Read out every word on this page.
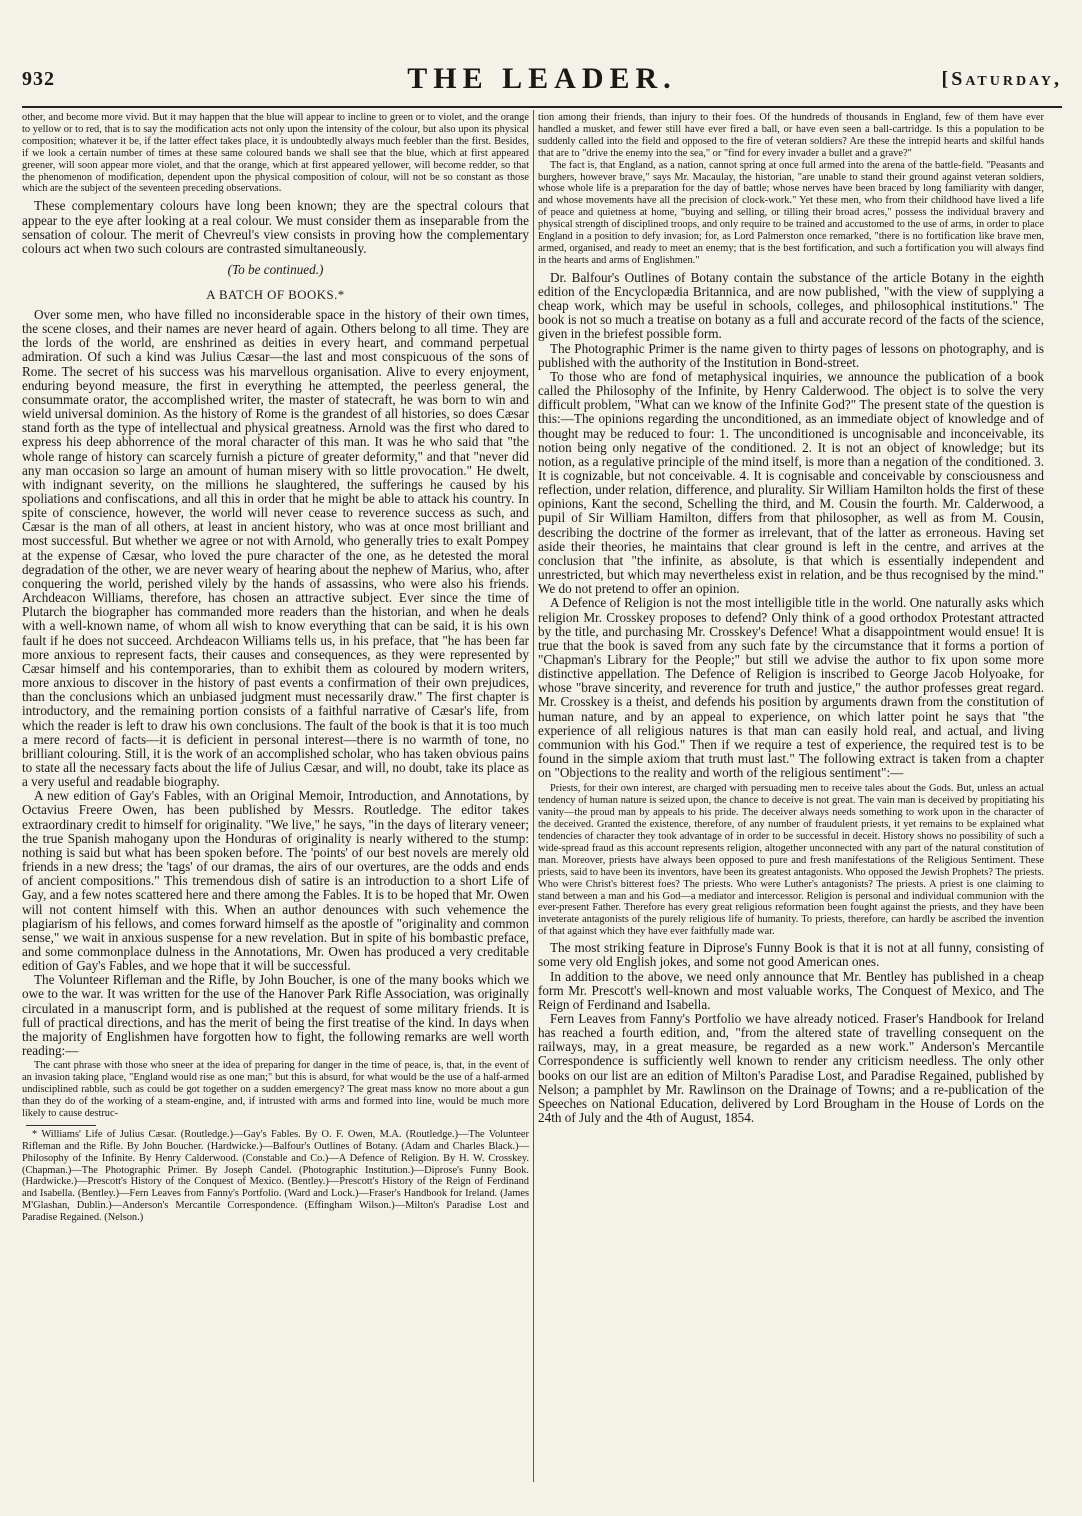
932	THE LEADER.	[Saturday,

other, and become more vivid. But it may happen that the blue will appear to incline to green or to violet, and the orange to yellow or to red, that is to say the modification acts not only upon the intensity of the colour, but also upon its physical composition; whatever it be, if the latter effect takes place, it is undoubtedly always much feebler than the first. Besides, if we look a certain number of times at these same coloured bands we shall see that the blue, which at first appeared greener, will soon appear more violet, and that the orange, which at first appeared yellower, will become redder, so that the phenomenon of modification, dependent upon the physical composition of colour, will not be so constant as those which are the subject of the seventeen preceding observations.

These complementary colours have long been known; they are the spectral colours that appear to the eye after looking at a real colour. We must consider them as inseparable from the sensation of colour. The merit of Chevreul's view consists in proving how the complementary colours act when two such colours are contrasted simultaneously.

(To be continued.)

A BATCH OF BOOKS.*

Over some men, who have filled no inconsiderable space in the history of their own times, the scene closes, and their names are never heard of again. Others belong to all time. They are the lords of the world, are enshrined as deities in every heart, and command perpetual admiration. Of such a kind was Julius Cæsar—the last and most conspicuous of the sons of Rome. The secret of his success was his marvellous organisation. Alive to every enjoyment, enduring beyond measure, the first in everything he attempted, the peerless general, the consummate orator, the accomplished writer, the master of statecraft, he was born to win and wield universal dominion. As the history of Rome is the grandest of all histories, so does Cæsar stand forth as the type of intellectual and physical greatness. Arnold was the first who dared to express his deep abhorrence of the moral character of this man. It was he who said that "the whole range of history can scarcely furnish a picture of greater deformity," and that "never did any man occasion so large an amount of human misery with so little provocation." He dwelt, with indignant severity, on the millions he slaughtered, the sufferings he caused by his spoliations and confiscations, and all this in order that he might be able to attack his country. In spite of conscience, however, the world will never cease to reverence success as such, and Cæsar is the man of all others, at least in ancient history, who was at once most brilliant and most successful. But whether we agree or not with Arnold, who generally tries to exalt Pompey at the expense of Cæsar, who loved the pure character of the one, as he detested the moral degradation of the other, we are never weary of hearing about the nephew of Marius, who, after conquering the world, perished vilely by the hands of assassins, who were also his friends. Archdeacon Williams, therefore, has chosen an attractive subject. Ever since the time of Plutarch the biographer has commanded more readers than the historian, and when he deals with a well-known name, of whom all wish to know everything that can be said, it is his own fault if he does not succeed. Archdeacon Williams tells us, in his preface, that "he has been far more anxious to represent facts, their causes and consequences, as they were represented by Cæsar himself and his contemporaries, than to exhibit them as coloured by modern writers, more anxious to discover in the history of past events a confirmation of their own prejudices, than the conclusions which an unbiased judgment must necessarily draw." The first chapter is introductory, and the remaining portion consists of a faithful narrative of Cæsar's life, from which the reader is left to draw his own conclusions. The fault of the book is that it is too much a mere record of facts—it is deficient in personal interest—there is no warmth of tone, no brilliant colouring. Still, it is the work of an accomplished scholar, who has taken obvious pains to state all the necessary facts about the life of Julius Cæsar, and will, no doubt, take its place as a very useful and readable biography.

A new edition of Gay's Fables, with an Original Memoir, Introduction, and Annotations, by Octavius Freere Owen, has been published by Messrs. Routledge. The editor takes extraordinary credit to himself for originality. "We live," he says, "in the days of literary veneer; the true Spanish mahogany upon the Honduras of originality is nearly withered to the stump: nothing is said but what has been spoken before. The 'points' of our best novels are merely old friends in a new dress; the 'tags' of our dramas, the airs of our overtures, are the odds and ends of ancient compositions." This tremendous dish of satire is an introduction to a short Life of Gay, and a few notes scattered here and there among the Fables. It is to be hoped that Mr. Owen will not content himself with this. When an author denounces with such vehemence the plagiarism of his fellows, and comes forward himself as the apostle of "originality and common sense," we wait in anxious suspense for a new revelation. But in spite of his bombastic preface, and some commonplace dulness in the Annotations, Mr. Owen has produced a very creditable edition of Gay's Fables, and we hope that it will be successful.

The Volunteer Rifleman and the Rifle, by John Boucher, is one of the many books which we owe to the war. It was written for the use of the Hanover Park Rifle Association, was originally circulated in a manuscript form, and is published at the request of some military friends. It is full of practical directions, and has the merit of being the first treatise of the kind. In days when the majority of Englishmen have forgotten how to fight, the following remarks are well worth reading:—

The cant phrase with those who sneer at the idea of preparing for danger in the time of peace, is, that, in the event of an invasion taking place, "England would rise as one man;" but this is absurd, for what would be the use of a half-armed undisciplined rabble, such as could be got together on a sudden emergency? The great mass know no more about a gun than they do of the working of a steam-engine, and, if intrusted with arms and formed into line, would be much more likely to cause destruc-

* Williams' Life of Julius Cæsar. (Routledge.)—Gay's Fables. By O. F. Owen, M.A. (Routledge.)—The Volunteer Rifleman and the Rifle. By John Boucher. (Hardwicke.)—Balfour's Outlines of Botany. (Adam and Charles Black.)—Philosophy of the Infinite. By Henry Calderwood. (Constable and Co.)—A Defence of Religion. By H. W. Crosskey. (Chapman.)—The Photographic Primer. By Joseph Candel. (Photographic Institution.)—Diprose's Funny Book. (Hardwicke.)—Prescott's History of the Conquest of Mexico. (Bentley.)—Prescott's History of the Reign of Ferdinand and Isabella. (Bentley.)—Fern Leaves from Fanny's Portfolio. (Ward and Lock.)—Fraser's Handbook for Ireland. (James M'Glashan, Dublin.)—Anderson's Mercantile Correspondence. (Effingham Wilson.)—Milton's Paradise Lost and Paradise Regained. (Nelson.)

tion among their friends, than injury to their foes. Of the hundreds of thousands in England, few of them have ever handled a musket, and fewer still have ever fired a ball, or have even seen a ball-cartridge. Is this a population to be suddenly called into the field and opposed to the fire of veteran soldiers? Are these the intrepid hearts and skilful hands that are to "drive the enemy into the sea," or "find for every invader a bullet and a grave?"

The fact is, that England, as a nation, cannot spring at once full armed into the arena of the battle-field. "Peasants and burghers, however brave," says Mr. Macaulay, the historian, "are unable to stand their ground against veteran soldiers, whose whole life is a preparation for the day of battle; whose nerves have been braced by long familiarity with danger, and whose movements have all the precision of clock-work." Yet these men, who from their childhood have lived a life of peace and quietness at home, "buying and selling, or tilling their broad acres," possess the individual bravery and physical strength of disciplined troops, and only require to be trained and accustomed to the use of arms, in order to place England in a position to defy invasion; for, as Lord Palmerston once remarked, "there is no fortification like brave men, armed, organised, and ready to meet an enemy; that is the best fortification, and such a fortification you will always find in the hearts and arms of Englishmen."

Dr. Balfour's Outlines of Botany contain the substance of the article Botany in the eighth edition of the Encyclopædia Britannica, and are now published, "with the view of supplying a cheap work, which may be useful in schools, colleges, and philosophical institutions." The book is not so much a treatise on botany as a full and accurate record of the facts of the science, given in the briefest possible form.

The Photographic Primer is the name given to thirty pages of lessons on photography, and is published with the authority of the Institution in Bond-street.

To those who are fond of metaphysical inquiries, we announce the publication of a book called the Philosophy of the Infinite, by Henry Calderwood. The object is to solve the very difficult problem, "What can we know of the Infinite God?" The present state of the question is this:—The opinions regarding the unconditioned, as an immediate object of knowledge and of thought may be reduced to four: 1. The unconditioned is uncognisable and inconceivable, its notion being only negative of the conditioned. 2. It is not an object of knowledge; but its notion, as a regulative principle of the mind itself, is more than a negation of the conditioned. 3. It is cognizable, but not conceivable. 4. It is cognisable and conceivable by consciousness and reflection, under relation, difference, and plurality. Sir William Hamilton holds the first of these opinions, Kant the second, Schelling the third, and M. Cousin the fourth. Mr. Calderwood, a pupil of Sir William Hamilton, differs from that philosopher, as well as from M. Cousin, describing the doctrine of the former as irrelevant, that of the latter as erroneous. Having set aside their theories, he maintains that clear ground is left in the centre, and arrives at the conclusion that "the infinite, as absolute, is that which is essentially independent and unrestricted, but which may nevertheless exist in relation, and be thus recognised by the mind." We do not pretend to offer an opinion.

A Defence of Religion is not the most intelligible title in the world. One naturally asks which religion Mr. Crosskey proposes to defend? Only think of a good orthodox Protestant attracted by the title, and purchasing Mr. Crosskey's Defence! What a disappointment would ensue! It is true that the book is saved from any such fate by the circumstance that it forms a portion of "Chapman's Library for the People;" but still we advise the author to fix upon some more distinctive appellation. The Defence of Religion is inscribed to George Jacob Holyoake, for whose "brave sincerity, and reverence for truth and justice," the author professes great regard. Mr. Crosskey is a theist, and defends his position by arguments drawn from the constitution of human nature, and by an appeal to experience, on which latter point he says that "the experience of all religious natures is that man can easily hold real, and actual, and living communion with his God." Then if we require a test of experience, the required test is to be found in the simple axiom that truth must last." The following extract is taken from a chapter on "Objections to the reality and worth of the religious sentiment":—

Priests, for their own interest, are charged with persuading men to receive tales about the Gods. But, unless an actual tendency of human nature is seized upon, the chance to deceive is not great. The vain man is deceived by propitiating his vanity—the proud man by appeals to his pride. The deceiver always needs something to work upon in the character of the deceived. Granted the existence, therefore, of any number of fraudulent priests, it yet remains to be explained what tendencies of character they took advantage of in order to be successful in deceit. History shows no possibility of such a wide-spread fraud as this account represents religion, altogether unconnected with any part of the natural constitution of man. Moreover, priests have always been opposed to pure and fresh manifestations of the Religious Sentiment. These priests, said to have been its inventors, have been its greatest antagonists. Who opposed the Jewish Prophets? The priests. Who were Christ's bitterest foes? The priests. Who were Luther's antagonists? The priests. A priest is one claiming to stand between a man and his God—a mediator and intercessor. Religion is personal and individual communion with the ever-present Father. Therefore has every great religious reformation been fought against the priests, and they have been inveterate antagonists of the purely religious life of humanity. To priests, therefore, can hardly be ascribed the invention of that against which they have ever faithfully made war.

The most striking feature in Diprose's Funny Book is that it is not at all funny, consisting of some very old English jokes, and some not good American ones.

In addition to the above, we need only announce that Mr. Bentley has published in a cheap form Mr. Prescott's well-known and most valuable works, The Conquest of Mexico, and The Reign of Ferdinand and Isabella.

Fern Leaves from Fanny's Portfolio we have already noticed. Fraser's Handbook for Ireland has reached a fourth edition, and, "from the altered state of travelling consequent on the railways, may, in a great measure, be regarded as a new work." Anderson's Mercantile Correspondence is sufficiently well known to render any criticism needless. The only other books on our list are an edition of Milton's Paradise Lost, and Paradise Regained, published by Nelson; a pamphlet by Mr. Rawlinson on the Drainage of Towns; and a re-publication of the Speeches on National Education, delivered by Lord Brougham in the House of Lords on the 24th of July and the 4th of August, 1854.
